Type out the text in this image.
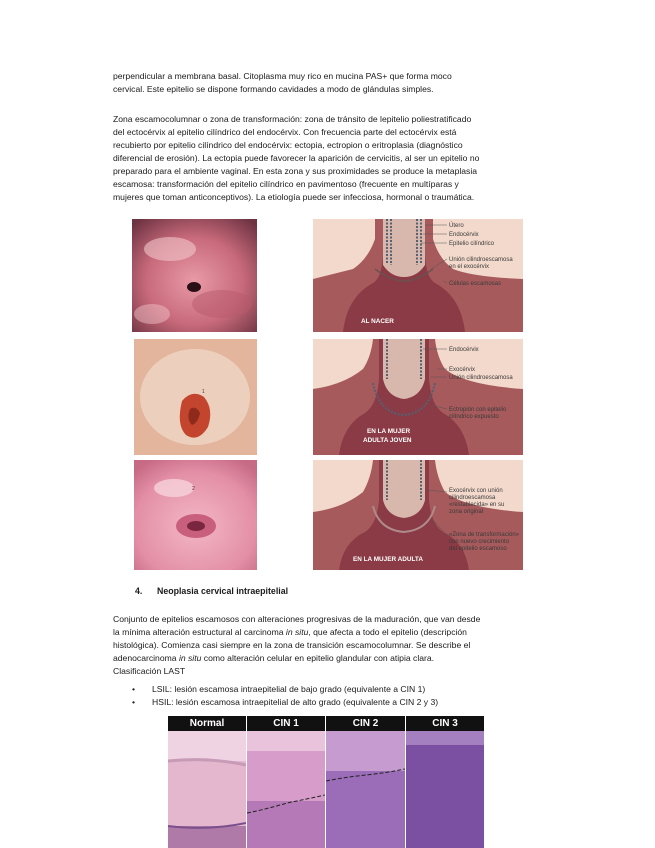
perpendicular a membrana basal. Citoplasma muy rico en mucina PAS+ que forma moco
cervical. Este epitelio se dispone formando cavidades a modo de glándulas simples.
Zona escamocolumnar o zona de transformación: zona de tránsito de lepitelio poliestratificado
del ectocérvix al epitelio cilíndrico del endocérvix. Con frecuencia parte del ectocérvix está
recubierto por epitelio cilíndrico del endocérvix: ectopia, ectropion o eritroplasia (diagnóstico
diferencial de erosión). La ectopia puede favorecer la aparición de cervicitis, al ser un epitelio no
preparado para el ambiente vaginal. En esta zona y sus proximidades se produce la metaplasia
escamosa: transformación del epitelio cilíndrico en pavimentoso (frecuente en multíparas y
mujeres que toman anticonceptivos). La etiología puede ser infecciosa, hormonal o traumática.
1
2
AL NACER
Útero
Endocérvix
Epitelio cilíndrico
Unión cilindroescamosa
en el exocérvix
Células escamosas
EN LA MUJER
ADULTA JOVEN
Endocérvix
Exocérvix
Unión cilindroescamosa
Ectropión con epitelio
cilíndrico expuesto
EN LA MUJER ADULTA
Exocérvix con unión
cilindroescamosa
«restablecida» en su
zona original
«Zona de transformación»
con nuevo crecimiento
del epitelio escamoso
4. Neoplasia cervical intraepitelial
Conjunto de epitelios escamosos con alteraciones progresivas de la maduración, que van desde
la mínima alteración estructural al carcinoma in situ, que afecta a todo el epitelio (descripción
histológica). Comienza casi siempre en la zona de transición escamocolumnar. Se describe el
adenocarcinoma in situ como alteración celular en epitelio glandular con atipia clara.
Clasificación LAST
• LSIL: lesión escamosa intraepitelial de bajo grado (equivalente a CIN 1)
• HSIL: lesión escamosa intraepitelial de alto grado (equivalente a CIN 2 y 3)
Normal	CIN 1	CIN 2	CIN 3
